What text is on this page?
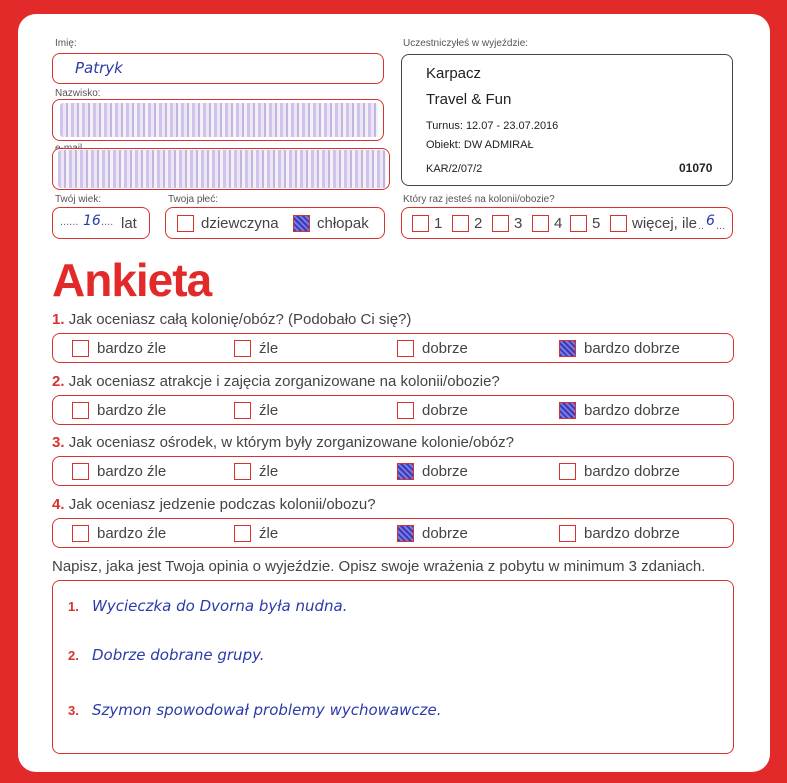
Imię:
Patryk
Nazwisko:
Twój wiek:
...... 16 .... lat
Twoja płeć:
dziewczyna	chłopak
Uczestniczyłeś w wyjeździe:
Karpacz
Travel & Fun
Turnus: 12.07 - 23.07.2016
Obiekt: DW ADMIRAŁ
KAR/2/07/2	01070
Który raz jesteś na kolonii/obozie?
1 2 3 4 5 więcej, ile .. 6 ...
Ankieta
1. Jak oceniasz całą kolonię/obóz? (Podobało Ci się?)
bardzo źle	źle	dobrze	bardzo dobrze
2. Jak oceniasz atrakcje i zajęcia zorganizowane na kolonii/obozie?
bardzo źle	źle	dobrze	bardzo dobrze
3. Jak oceniasz ośrodek, w którym były zorganizowane kolonie/obóz?
bardzo źle	źle	dobrze	bardzo dobrze
4. Jak oceniasz jedzenie podczas kolonii/obozu?
bardzo źle	źle	dobrze	bardzo dobrze
Napisz, jaka jest Twoja opinia o wyjeździe. Opisz swoje wrażenia z pobytu w minimum 3 zdaniach.
1. Wycieczka do Dvorna była nudna.
2. Dobrze dobrane grupy.
3. Szymon spowodował problemy wychowawcze.
